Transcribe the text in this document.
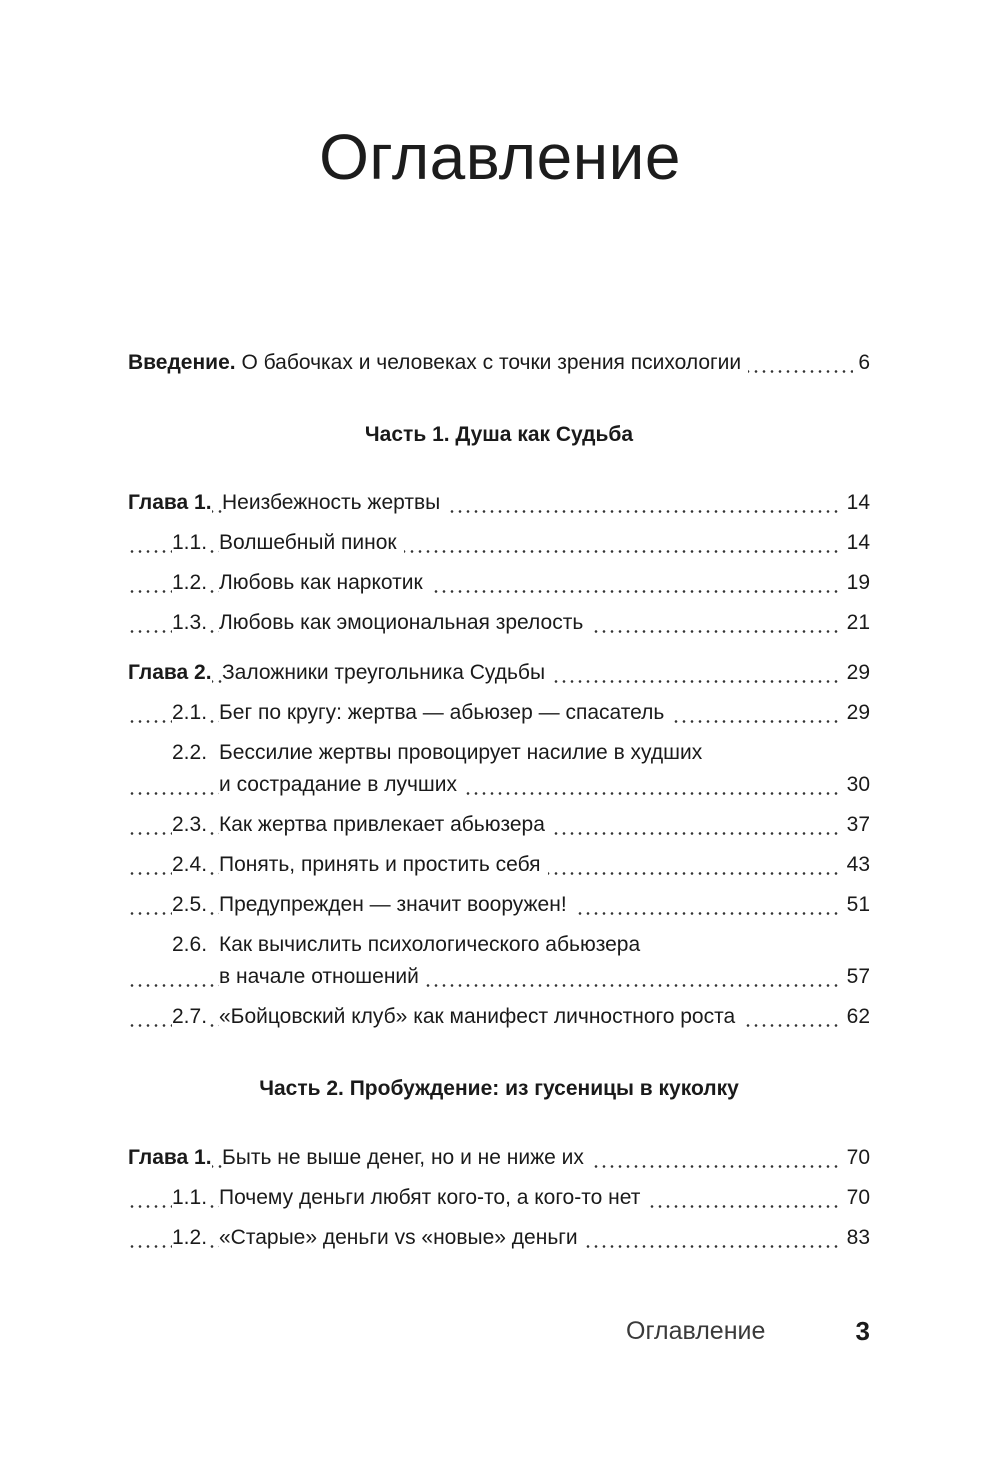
Оглавление
Введение. О бабочках и человеках с точки зрения психологии	6
Часть 1. Душа как Судьба
Глава 1. Неизбежность жертвы	14
1.1. Волшебный пинок	14
1.2. Любовь как наркотик	19
1.3. Любовь как эмоциональная зрелость	21
Глава 2. Заложники треугольника Судьбы	29
2.1. Бег по кругу: жертва — абьюзер — спасатель	29
2.2. Бессилие жертвы провоцирует насилие в худших
и сострадание в лучших	30
2.3. Как жертва привлекает абьюзера	37
2.4. Понять, принять и простить себя	43
2.5. Предупрежден — значит вооружен!	51
2.6. Как вычислить психологического абьюзера
в начале отношений	57
2.7. «Бойцовский клуб» как манифест личностного роста	62
Часть 2. Пробуждение: из гусеницы в куколку
Глава 1. Быть не выше денег, но и не ниже их	70
1.1. Почему деньги любят кого-то, а кого-то нет	70
1.2. «Старые» деньги vs «новые» деньги	83
Оглавление	3
